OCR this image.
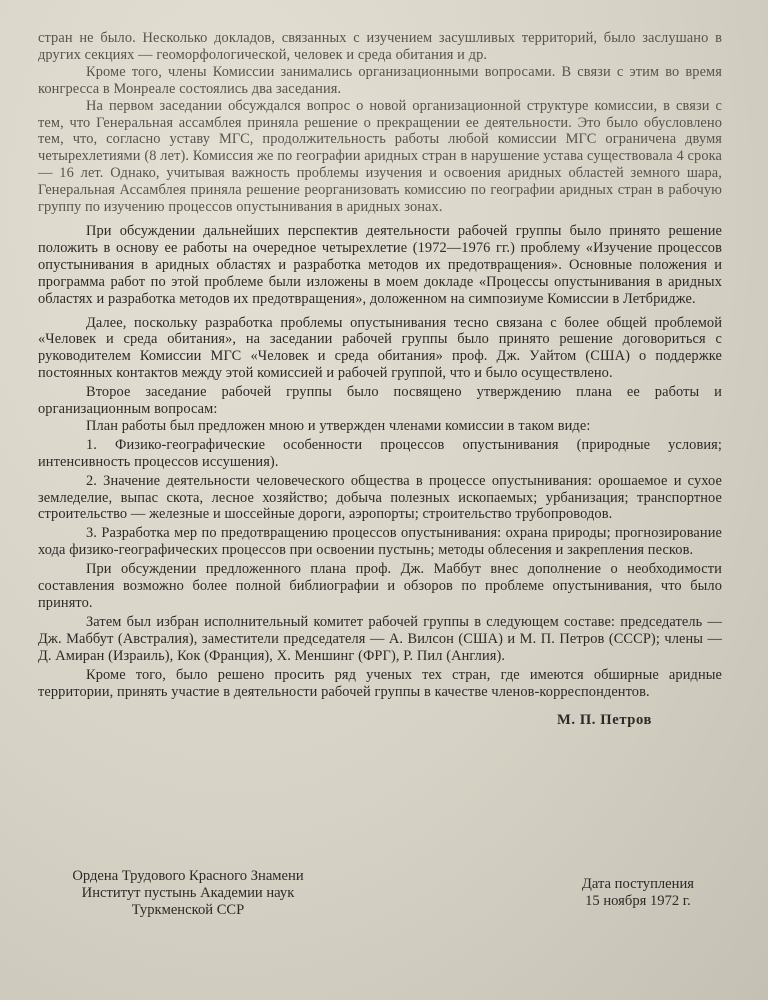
стран не было. Несколько докладов, связанных с изучением засушливых территорий, было заслушано в других секциях — геоморфологической, человек и среда обитания и др.

Кроме того, члены Комиссии занимались организационными вопросами. В связи с этим во время конгресса в Монреале состоялись два заседания.

На первом заседании обсуждался вопрос о новой организационной структуре комиссии, в связи с тем, что Генеральная ассамблея приняла решение о прекращении ее деятельности. Это было обусловлено тем, что, согласно уставу МГС, продолжительность работы любой комиссии МГС ограничена двумя четырехлетиями (8 лет). Комиссия же по географии аридных стран в нарушение устава существовала 4 срока — 16 лет. Однако, учитывая важность проблемы изучения и освоения аридных областей земного шара, Генеральная Ассамблея приняла решение реорганизовать комиссию по географии аридных стран в рабочую группу по изучению процессов опустынивания в аридных зонах.

При обсуждении дальнейших перспектив деятельности рабочей группы было принято решение положить в основу ее работы на очередное четырехлетие (1972—1976 гг.) проблему «Изучение процессов опустынивания в аридных областях и разработка методов их предотвращения». Основные положения и программа работ по этой проблеме были изложены в моем докладе «Процессы опустынивания в аридных областях и разработка методов их предотвращения», доложенном на симпозиуме Комиссии в Летбридже.

Далее, поскольку разработка проблемы опустынивания тесно связана с более общей проблемой «Человек и среда обитания», на заседании рабочей группы было принято решение договориться с руководителем Комиссии МГС «Человек и среда обитания» проф. Дж. Уайтом (США) о поддержке постоянных контактов между этой комиссией и рабочей группой, что и было осуществлено.

Второе заседание рабочей группы было посвящено утверждению плана ее работы и организационным вопросам:

План работы был предложен мною и утвержден членами комиссии в таком виде:

1. Физико-географические особенности процессов опустынивания (природные условия; интенсивность процессов иссушения).

2. Значение деятельности человеческого общества в процессе опустынивания: орошаемое и сухое земледелие, выпас скота, лесное хозяйство; добыча полезных ископаемых; урбанизация; транспортное строительство — железные и шоссейные дороги, аэропорты; строительство трубопроводов.

3. Разработка мер по предотвращению процессов опустынивания: охрана природы; прогнозирование хода физико-географических процессов при освоении пустынь; методы облесения и закрепления песков.

При обсуждении предложенного плана проф. Дж. Маббут внес дополнение о необходимости составления возможно более полной библиографии и обзоров по проблеме опустынивания, что было принято.

Затем был избран исполнительный комитет рабочей группы в следующем составе: председатель — Дж. Маббут (Австралия), заместители председателя — А. Вилсон (США) и М. П. Петров (СССР); члены — Д. Амиран (Израиль), Кок (Франция), Х. Меншинг (ФРГ), Р. Пил (Англия).

Кроме того, было решено просить ряд ученых тех стран, где имеются обширные аридные территории, принять участие в деятельности рабочей группы в качестве членов-корреспондентов.

М. П. Петров
Ордена Трудового Красного Знамени
Институт пустынь Академии наук
Туркменской ССР
Дата поступления
15 ноября 1972 г.
